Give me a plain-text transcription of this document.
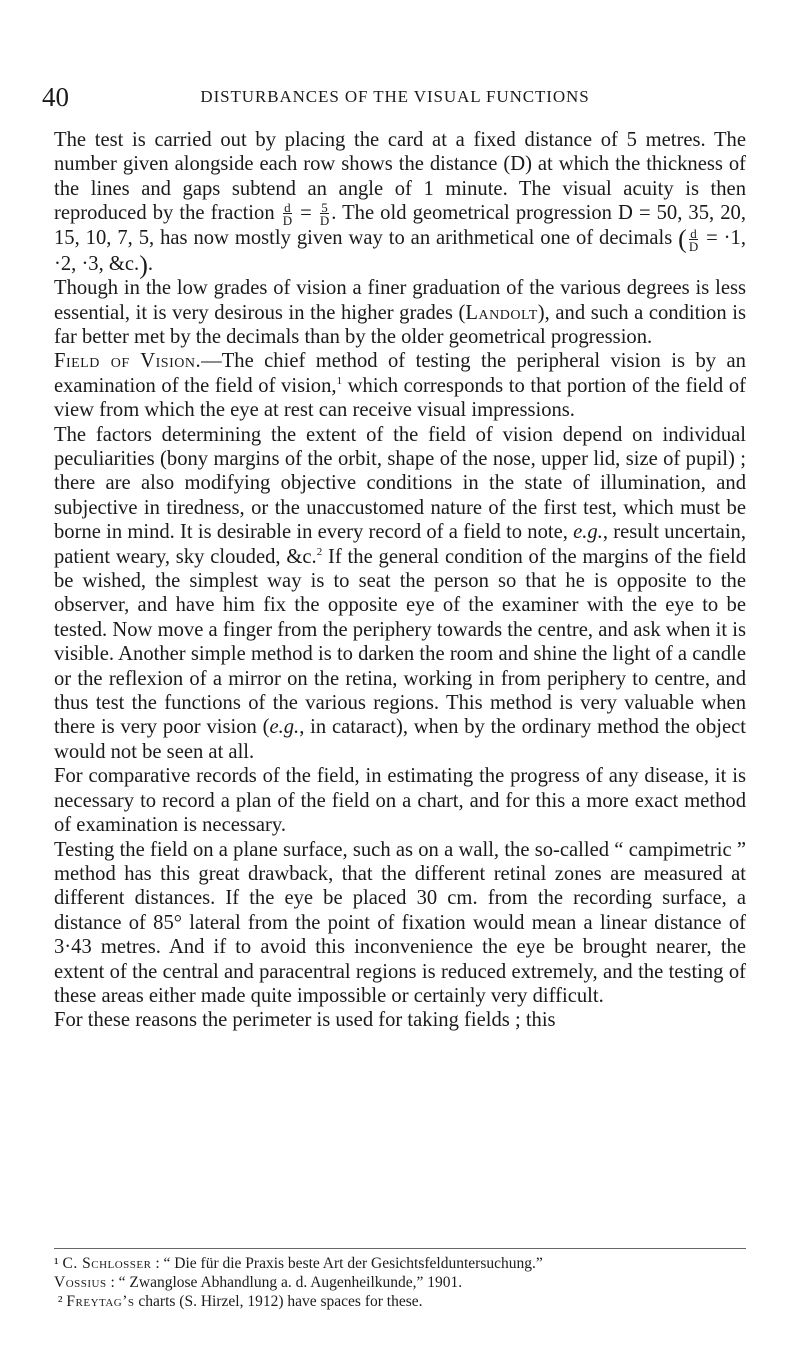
40	DISTURBANCES OF THE VISUAL FUNCTIONS

The test is carried out by placing the card at a fixed distance of 5 metres. The number given alongside each row shows the distance (D) at which the thickness of the lines and gaps subtend an angle of 1 minute. The visual acuity is then reproduced by the fraction $\frac{d}{D} = \frac{5}{D}$ . The old geometrical progression D = 50, 35, 20, 15, 10, 7, 5, has now mostly given way to an arithmetical one of decimals ( $\frac{d}{D} = \cdot 1$, ·2, ·3, &c.).

Though in the low grades of vision a finer graduation of the various degrees is less essential, it is very desirous in the higher grades (Landolt), and such a condition is far better met by the decimals than by the older geometrical progression.

Field of Vision.—The chief method of testing the peripheral vision is by an examination of the field of vision,$^1$ which corresponds to that portion of the field of view from which the eye at rest can receive visual impressions.

The factors determining the extent of the field of vision depend on individual peculiarities (bony margins of the orbit, shape of the nose, upper lid, size of pupil) ; there are also modifying objective conditions in the state of illumination, and subjective in tiredness, or the unaccustomed nature of the first test, which must be borne in mind. It is desirable in every record of a field to note, e.g., result uncertain, patient weary, sky clouded, &c.$^2$ If the general condition of the margins of the field be wished, the simplest way is to seat the person so that he is opposite to the observer, and have him fix the opposite eye of the examiner with the eye to be tested. Now move a finger from the periphery towards the centre, and ask when it is visible. Another simple method is to darken the room and shine the light of a candle or the reflexion of a mirror on the retina, working in from periphery to centre, and thus test the functions of the various regions. This method is very valuable when there is very poor vision (e.g., in cataract), when by the ordinary method the object would not be seen at all.

For comparative records of the field, in estimating the progress of any disease, it is necessary to record a plan of the field on a chart, and for this a more exact method of examination is necessary.

Testing the field on a plane surface, such as on a wall, the so-called “ campimetric ” method has this great drawback, that the different retinal zones are measured at different distances. If the eye be placed 30 cm. from the recording surface, a distance of 85° lateral from the point of fixation would mean a linear distance of 3·43 metres. And if to avoid this inconvenience the eye be brought nearer, the extent of the central and paracentral regions is reduced extremely, and the testing of these areas either made quite impossible or certainly very difficult.

For these reasons the perimeter is used for taking fields ; this

¹ C. Schlosser : “ Die für die Praxis beste Art der Gesichtsfelduntersuchung.”

Vossius : “ Zwanglose Abhandlung a. d. Augenheilkunde,” 1901.

² Freytag’s charts (S. Hirzel, 1912) have spaces for these.
